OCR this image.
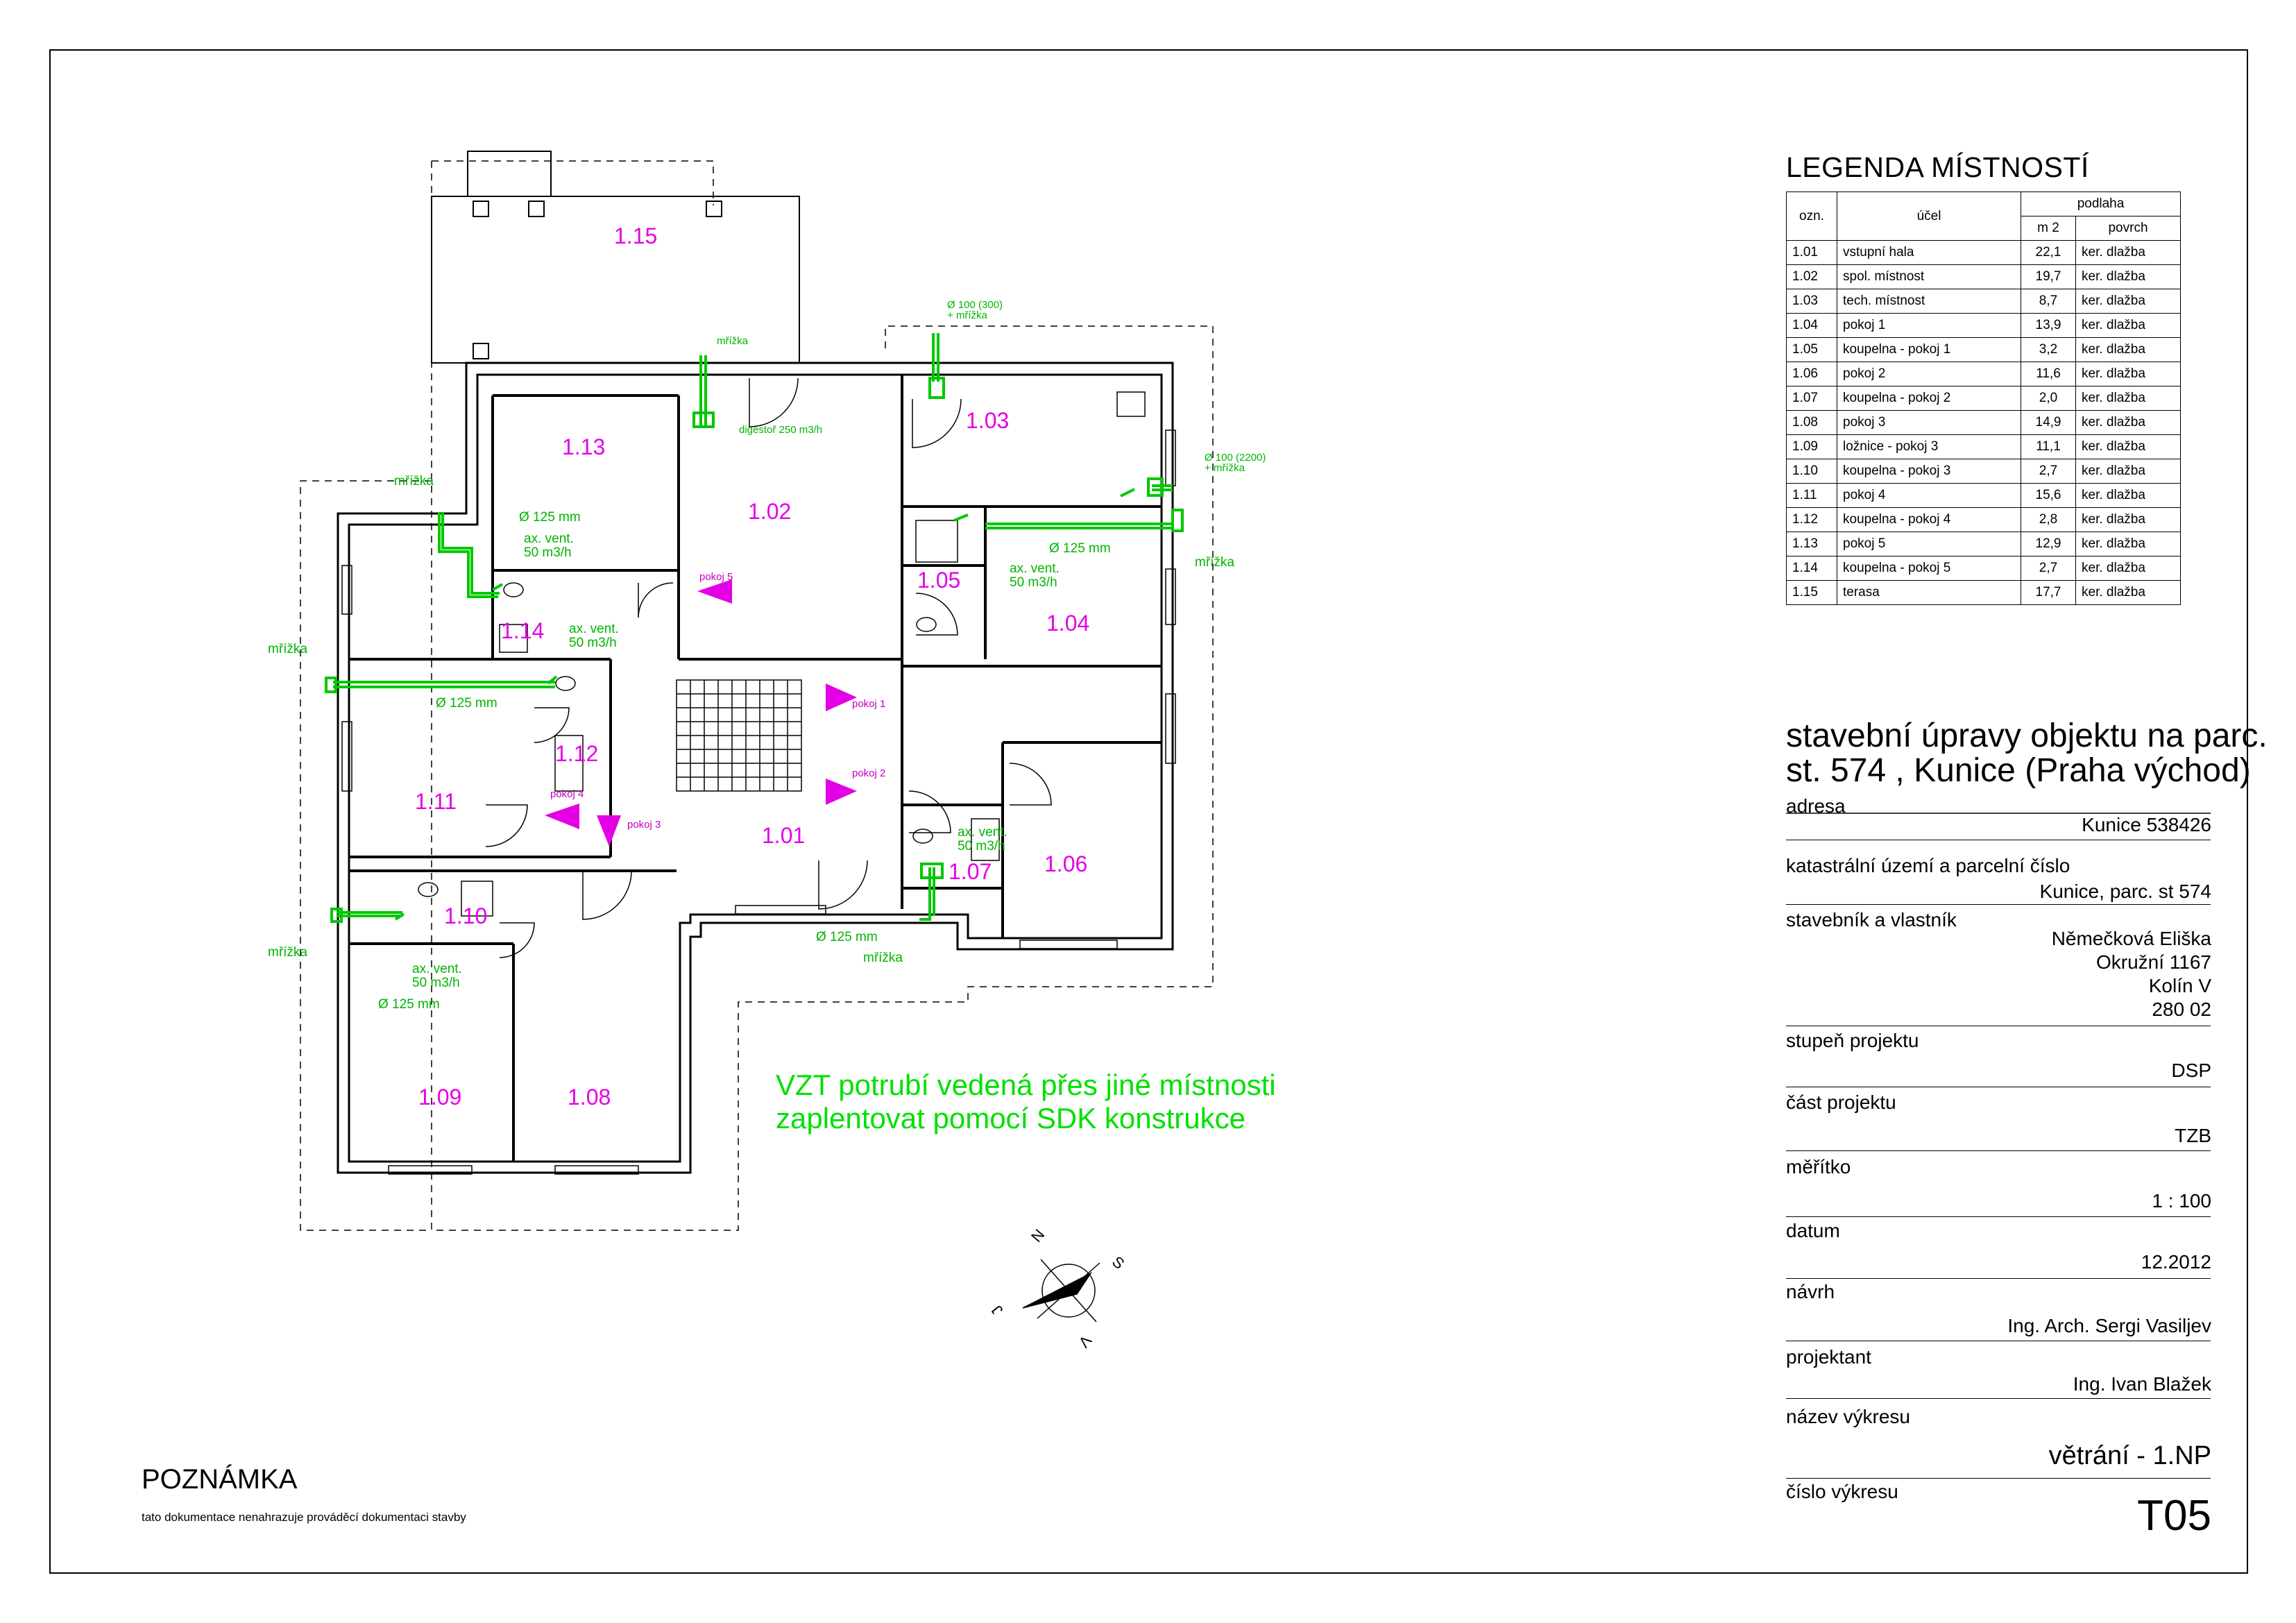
1.15
1.13
1.02
1.03
1.05
1.04
1.14
1.12
1.11
1.01
1.07 1.06
1.10
1.09	1.08
pokoj 5
pokoj 1
pokoj 2
pokoj 4
pokoj 3
mřížka
mřížka
mřížka
mřížka
mřížka
mřížka
Ø 125 mm
Ø 125 mm
Ø 125 mm
Ø 125 mm
Ø 125 mm
ax. vent.
50 m3/h
ax. vent.
50 m3/h
ax. vent.
50 m3/h
ax. vent.
50 m3/h
ax. vent.
50 m3/h
digestoř 250 m3/h
Ø 100 (300)
+ mřížka
Ø 100 (2200)
+ mřížka
VZT potrubí vedená přes jiné místnosti
zaplentovat pomocí SDK konstrukce
N
S
J
V
LEGENDA MÍSTNOSTÍ
ozn.	účel	podlaha	
		m 2	povrch
1.01	vstupní hala	22,1	ker. dlažba
1.02	spol. místnost	19,7	ker. dlažba
1.03	tech. místnost	8,7	ker. dlažba
1.04	pokoj 1	13,9	ker. dlažba
1.05	koupelna - pokoj 1	3,2	ker. dlažba
1.06	pokoj 2	11,6	ker. dlažba
1.07	koupelna - pokoj 2	2,0	ker. dlažba
1.08	pokoj 3	14,9	ker. dlažba
1.09	ložnice - pokoj 3	11,1	ker. dlažba
1.10	koupelna - pokoj 3	2,7	ker. dlažba
1.11	pokoj 4	15,6	ker. dlažba
1.12	koupelna - pokoj 4	2,8	ker. dlažba
1.13	pokoj 5	12,9	ker. dlažba
1.14	koupelna - pokoj 5	2,7	ker. dlažba
1.15	terasa	17,7	ker. dlažba
stavební úpravy objektu na parc.
st. 574 , Kunice (Praha východ)
adresa
Kunice 538426
katastrální území a parcelní číslo
Kunice, parc. st 574
stavebník a vlastník
Němečková Eliška
Okružní 1167
Kolín V
280 02
stupeň projektu
DSP
část projektu
TZB
měřítko
1 : 100
datum
12.2012
návrh
Ing. Arch. Sergi Vasiljev
projektant
Ing. Ivan Blažek
název výkresu
větrání - 1.NP
číslo výkresu
T05
POZNÁMKA
tato dokumentace nenahrazuje prováděcí dokumentaci stavby
